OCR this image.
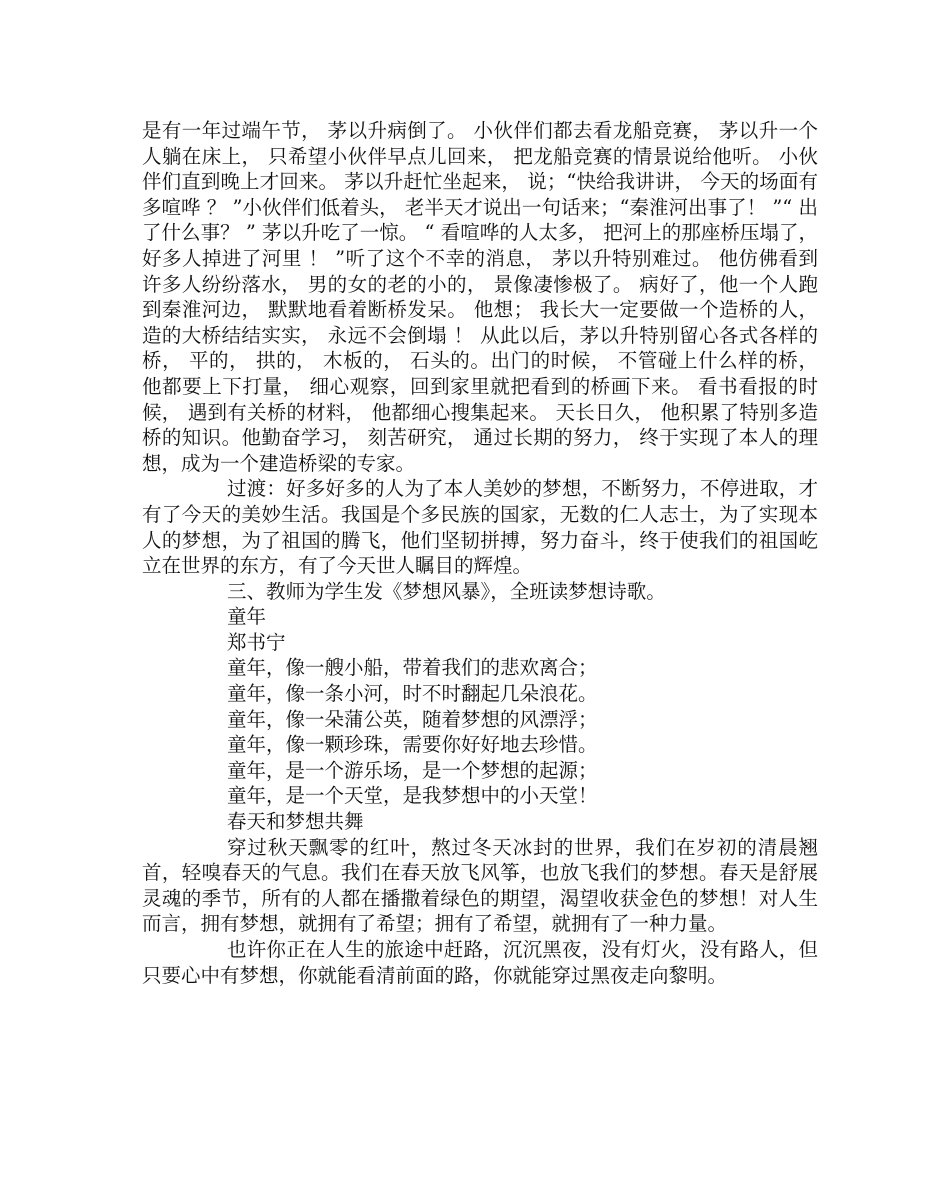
是有一年过端午节， 茅以升病倒了。 小伙伴们都去看龙船竞赛， 茅以升一个人躺在床上， 只希望小伙伴早点儿回来， 把龙船竞赛的情景说给他听。 小伙伴们直到晚上才回来。 茅以升赶忙坐起来， 说；“快给我讲讲， 今天的场面有多喧哗 ？ ”小伙伴们低着头， 老半天才说出一句话来；“秦淮河出事了！ ”“ 出了什么事？ ” 茅以升吃了一惊。 “ 看喧哗的人太多， 把河上的那座桥压塌了， 好多人掉进了河里 ！ ”听了这个不幸的消息， 茅以升特别难过。 他仿佛看到许多人纷纷落水， 男的女的老的小的， 景像凄惨极了。 病好了，他一个人跑到秦淮河边， 默默地看着断桥发呆。 他想； 我长大一定要做一个造桥的人， 造的大桥结结实实， 永远不会倒塌 ！ 从此以后，茅以升特别留心各式各样的桥， 平的， 拱的， 木板的， 石头的。出门的时候， 不管碰上什么样的桥， 他都要上下打量， 细心观察，回到家里就把看到的桥画下来。 看书看报的时候， 遇到有关桥的材料， 他都细心搜集起来。 天长日久， 他积累了特别多造桥的知识。他勤奋学习， 刻苦研究， 通过长期的努力， 终于实现了本人的理想，成为一个建造桥梁的专家。

过渡：好多好多的人为了本人美妙的梦想，不断努力，不停进取，才有了今天的美妙生活。我国是个多民族的国家，无数的仁人志士，为了实现本人的梦想，为了祖国的腾飞，他们坚韧拼搏，努力奋斗，终于使我们的祖国屹立在世界的东方，有了今天世人瞩目的辉煌。

三、教师为学生发《梦想风暴》，全班读梦想诗歌。

童年

郑书宁

童年，像一艘小船，带着我们的悲欢离合；

童年，像一条小河，时不时翻起几朵浪花。

童年，像一朵蒲公英，随着梦想的风漂浮；

童年，像一颗珍珠，需要你好好地去珍惜。

童年，是一个游乐场，是一个梦想的起源；

童年，是一个天堂，是我梦想中的小天堂！

春天和梦想共舞

穿过秋天飘零的红叶，熬过冬天冰封的世界，我们在岁初的清晨翘首，轻嗅春天的气息。我们在春天放飞风筝，也放飞我们的梦想。春天是舒展灵魂的季节，所有的人都在播撒着绿色的期望，渴望收获金色的梦想！对人生而言，拥有梦想，就拥有了希望；拥有了希望，就拥有了一种力量。

也许你正在人生的旅途中赶路，沉沉黑夜，没有灯火，没有路人，但只要心中有梦想，你就能看清前面的路，你就能穿过黑夜走向黎明。
